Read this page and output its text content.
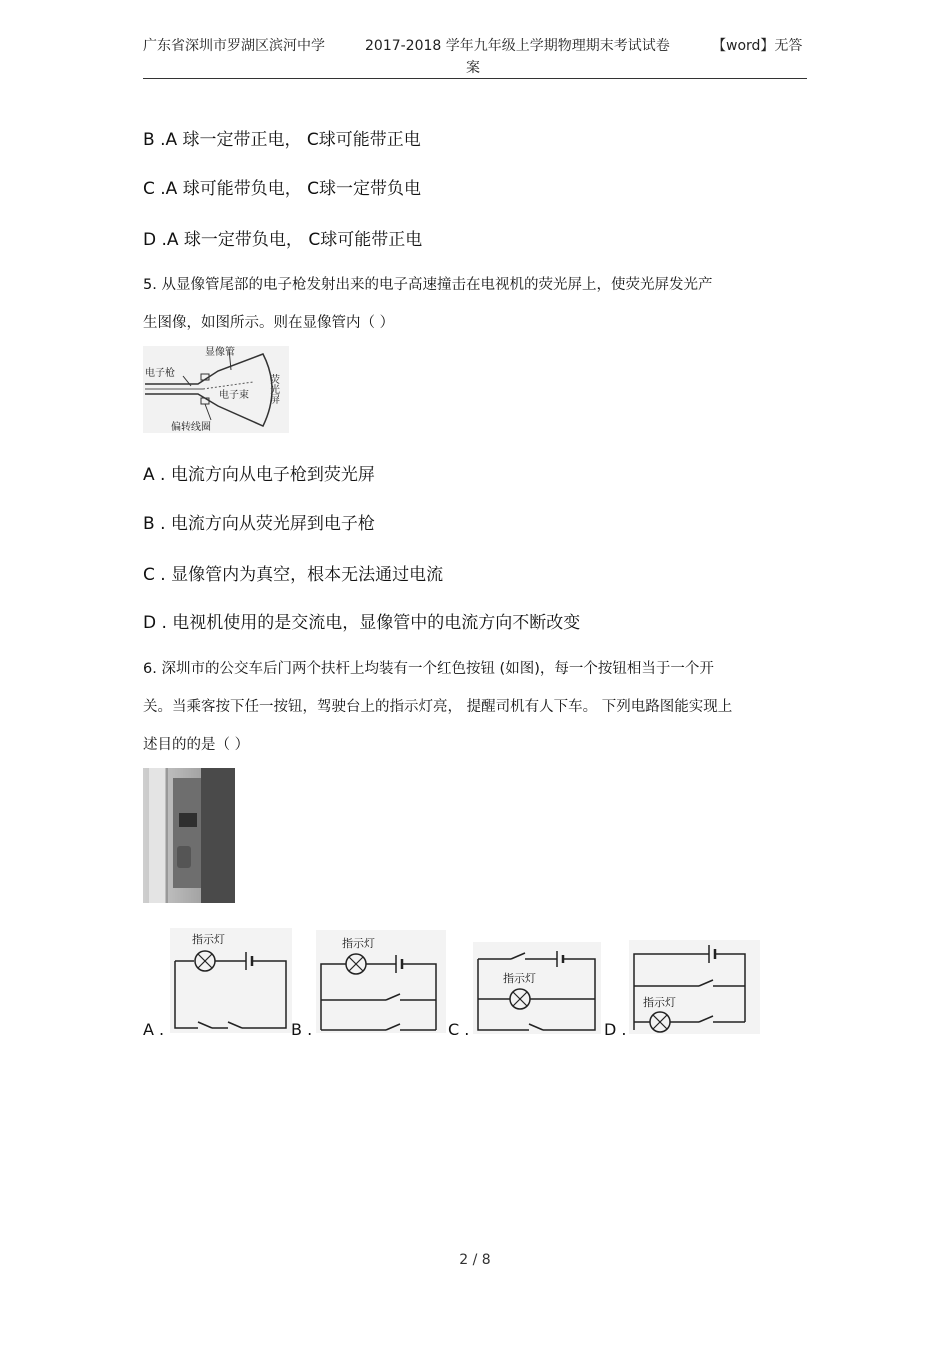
广东省深圳市罗湖区滨河中学	2017-2018 学年九年级上学期物理期末考试试卷	【word】无答
案
B .A 球一定带正电， C球可能带正电
C .A 球可能带负电， C球一定带负电
D .A 球一定带负电， C球可能带正电
5. 从显像管尾部的电子枪发射出来的电子高速撞击在电视机的荧光屏上，使荧光屏发光产
生图像，如图所示。则在显像管内（ ）
显像管
电子枪
电子束
偏转线圈
荧光屏
A . 电流方向从电子枪到荧光屏
B . 电流方向从荧光屏到电子枪
C . 显像管内为真空，根本无法通过电流
D . 电视机使用的是交流电，显像管中的电流方向不断改变
6. 深圳市的公交车后门两个扶杆上均装有一个红色按钮 (如图)，每一个按钮相当于一个开
关。当乘客按下任一按钮，驾驶台上的指示灯亮， 提醒司机有人下车。 下列电路图能实现上
述目的的是（ ）
A .
指示灯
B .
指示灯
C .
指示灯
D .
指示灯
2 / 8
